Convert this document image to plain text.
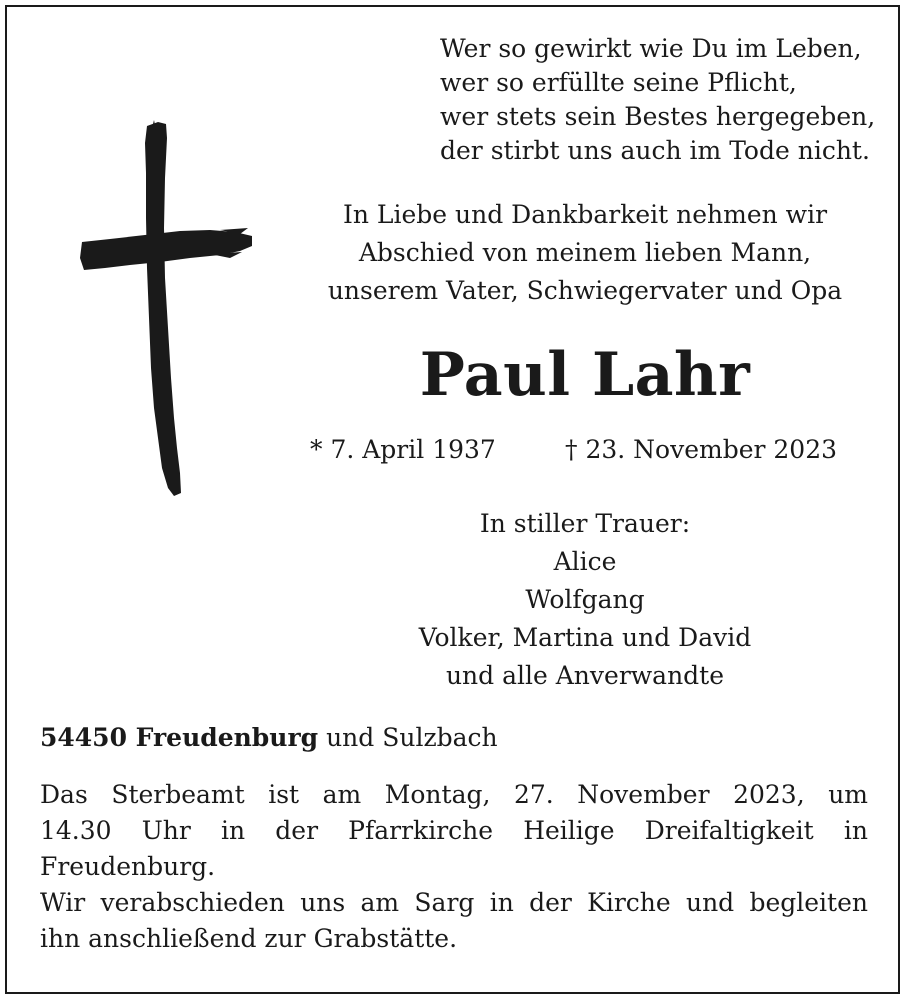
Wer so gewirkt wie Du im Leben,
wer so erfüllte seine Pflicht,
wer stets sein Bestes hergegeben,
der stirbt uns auch im Tode nicht.
In Liebe und Dankbarkeit nehmen wir
Abschied von meinem lieben Mann,
unserem Vater, Schwiegervater und Opa
Paul Lahr
* 7. April 1937	† 23. November 2023
In stiller Trauer:
Alice
Wolfgang
Volker, Martina und David
und alle Anverwandte
54450 Freudenburg und Sulzbach
Das Sterbeamt ist am Montag, 27. November 2023, um
14.30 Uhr in der Pfarrkirche Heilige Dreifaltigkeit in
Freudenburg.
Wir verabschieden uns am Sarg in der Kirche und begleiten
ihn anschließend zur Grabstätte.
